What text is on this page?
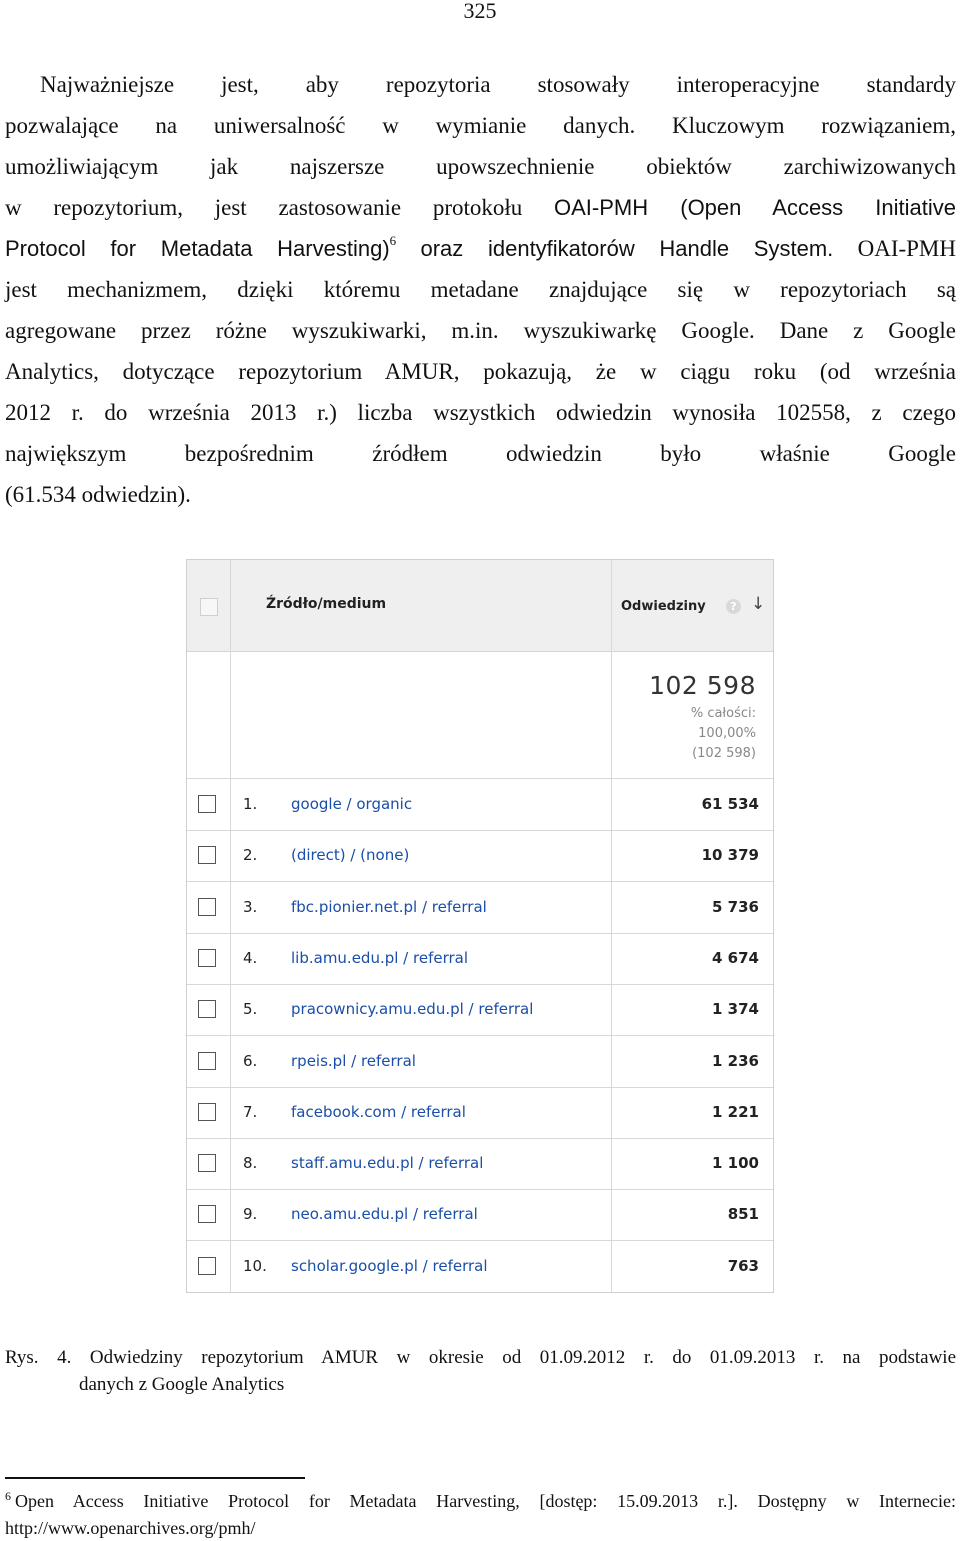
325
Najważniejsze jest, aby repozytoria stosowały interoperacyjne standardy
pozwalające na uniwersalność w wymianie danych. Kluczowym rozwiązaniem,
umożliwiającym jak najszersze upowszechnienie obiektów zarchiwizowanych
w repozytorium, jest zastosowanie protokołu OAI-PMH (Open Access Initiative
Protocol for Metadata Harvesting)$^6$ oraz identyfikatorów Handle System. OAI-PMH
jest mechanizmem, dzięki któremu metadane znajdujące się w repozytoriach są
agregowane przez różne wyszukiwarki, m.in. wyszukiwarkę Google. Dane z Google
Analytics, dotyczące repozytorium AMUR, pokazują, że w ciągu roku (od września
2012 r. do września 2013 r.) liczba wszystkich odwiedzin wynosiła 102558, z czego
największym bezpośrednim źródłem odwiedzin było właśnie Google
(61.534 odwiedzin).
Źródło/medium	Odwiedziny	? ↓
102 598
% całości:
100,00%
(102 598)
1.	google / organic	61 534
2.	(direct) / (none)	10 379
3.	fbc.pionier.net.pl / referral	5 736
4.	lib.amu.edu.pl / referral	4 674
5.	pracownicy.amu.edu.pl / referral	1 374
6.	rpeis.pl / referral	1 236
7.	facebook.com / referral	1 221
8.	staff.amu.edu.pl / referral	1 100
9.	neo.amu.edu.pl / referral	851
10.	scholar.google.pl / referral	763
Rys. 4. Odwiedziny repozytorium AMUR w okresie od 01.09.2012 r. do 01.09.2013 r. na podstawie
danych z Google Analytics
$^6$ Open Access Initiative Protocol for Metadata Harvesting, [dostęp: 15.09.2013 r.]. Dostępny w Internecie:
http://www.openarchives.org/pmh/
